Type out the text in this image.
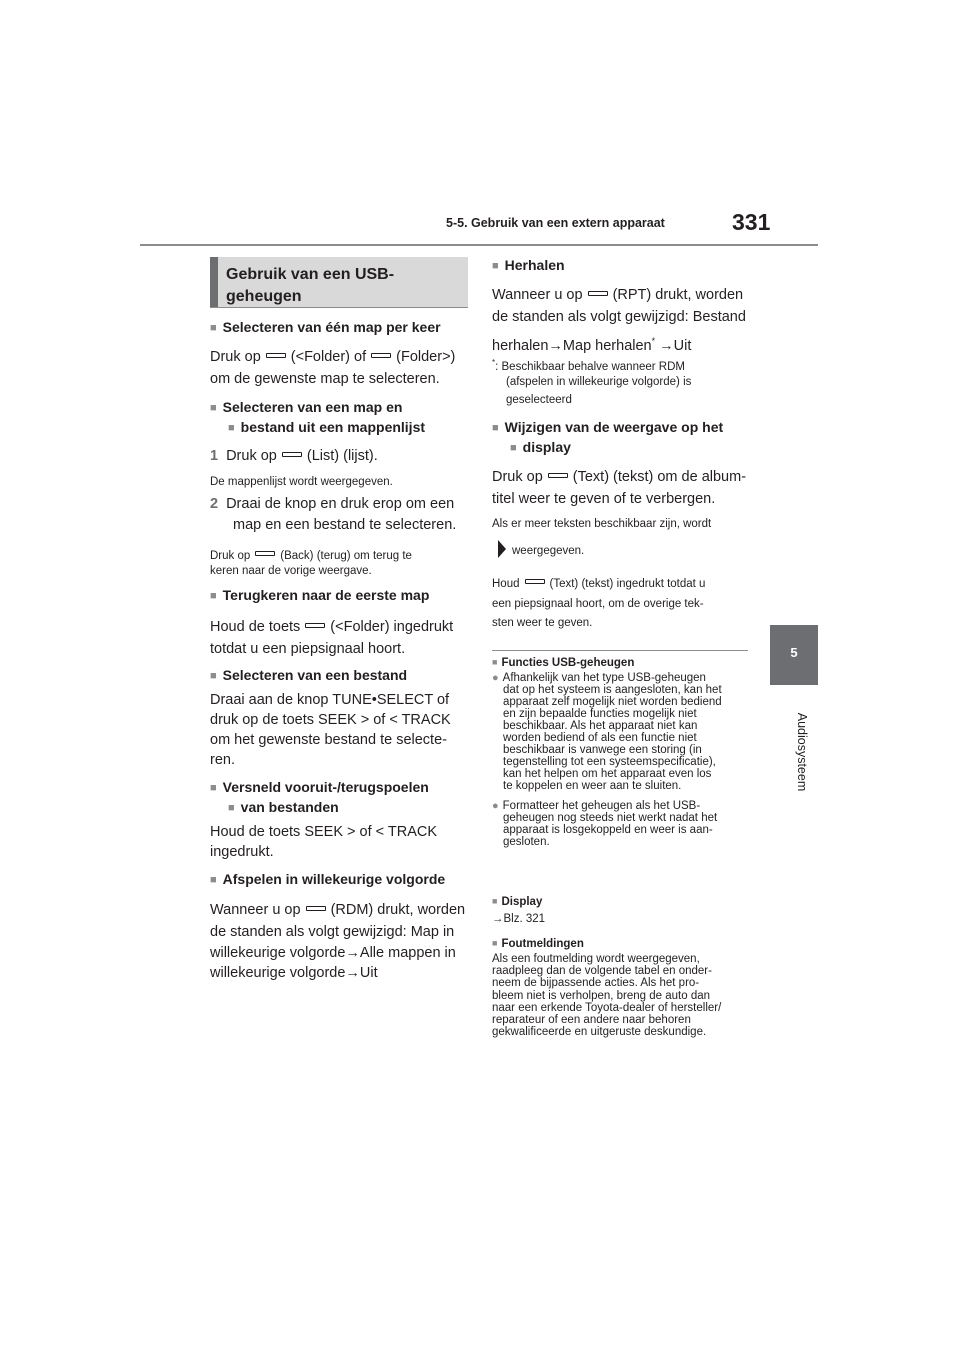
5-5. Gebruik van een extern apparaat	331
5
Audiosysteem
Gebruik van een USB-
geheugen
■ Selecteren van één map per keer
Druk op (<Folder) of (Folder>)
om de gewenste map te selecteren.
■ Selecteren van een map en
■ bestand uit een mappenlijst
1 Druk op (List) (lijst).
De mappenlijst wordt weergegeven.
2 Draai de knop en druk erop om een
map en een bestand te selecteren.
Druk op	(Back) (terug) om terug te
keren naar de vorige weergave.
■ Terugkeren naar de eerste map
Houd de toets (<Folder) ingedrukt
totdat u een piepsignaal hoort.
■ Selecteren van een bestand
Draai aan de knop TUNE•SELECT of
druk op de toets SEEK > of < TRACK
om het gewenste bestand te selecte-
ren.
■ Versneld vooruit-/terugspoelen
■ van bestanden
Houd de toets SEEK > of < TRACK
ingedrukt.
■ Afspelen in willekeurige volgorde
Wanneer u op (RDM) drukt, worden
de standen als volgt gewijzigd: Map in
willekeurige volgorde→Alle mappen in
willekeurige volgorde→Uit
■ Herhalen
Wanneer u op (RPT) drukt, worden
de standen als volgt gewijzigd: Bestand
herhalen→Map herhalen* →Uit
*: Beschikbaar behalve wanneer RDM
(afspelen in willekeurige volgorde) is
geselecteerd
■ Wijzigen van de weergave op het
■ display
Druk op (Text) (tekst) om de album-
titel weer te geven of te verbergen.
Als er meer teksten beschikbaar zijn, wordt
weergegeven.
Houd	(Text) (tekst) ingedrukt totdat u
een piepsignaal hoort, om de overige tek-
sten weer te geven.
■ Functies USB-geheugen
● Afhankelijk van het type USB-geheugen
dat op het systeem is aangesloten, kan het
apparaat zelf mogelijk niet worden bediend
en zijn bepaalde functies mogelijk niet
beschikbaar. Als het apparaat niet kan
worden bediend of als een functie niet
beschikbaar is vanwege een storing (in
tegenstelling tot een systeemspecificatie),
kan het helpen om het apparaat even los
te koppelen en weer aan te sluiten.
● Formatteer het geheugen als het USB-
geheugen nog steeds niet werkt nadat het
apparaat is losgekoppeld en weer is aan-
gesloten.
■ Display
→Blz. 321
■ Foutmeldingen
Als een foutmelding wordt weergegeven,
raadpleeg dan de volgende tabel en onder-
neem de bijpassende acties. Als het pro-
bleem niet is verholpen, breng de auto dan
naar een erkende Toyota-dealer of hersteller/
reparateur of een andere naar behoren
gekwalificeerde en uitgeruste deskundige.
